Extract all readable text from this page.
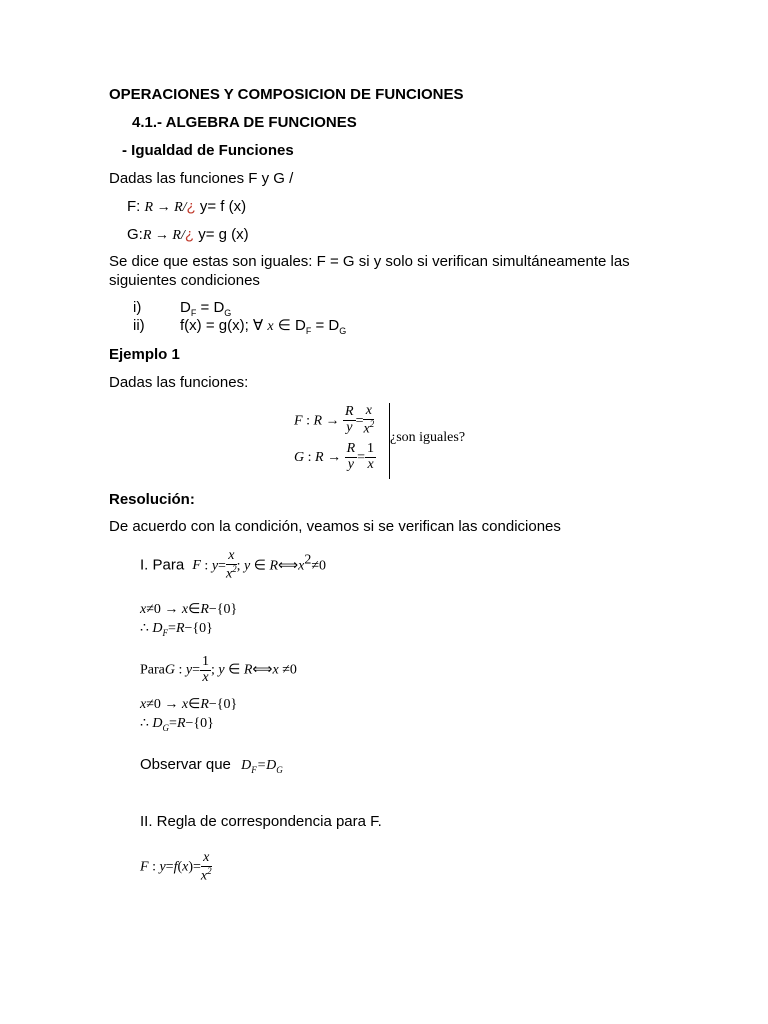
OPERACIONES Y COMPOSICION DE FUNCIONES
4.1.- ALGEBRA DE FUNCIONES
- Igualdad de Funciones
Dadas las funciones F y G /
F: R → R/¿ y= f (x)
G:R → R/¿ y= g (x)
Se dice que estas son iguales: F = G si y solo si verifican simultáneamente las
siguientes condiciones
i)	$D_F = D_G$
ii) f(x) = g(x); ∀ x ∈ $D_F = D_G$
Ejemplo 1
Dadas las funciones:
F : $R \to \frac{R}{y} = \frac{x}{x^2}$
G : $R \to \frac{R}{y} = \frac{1}{x}$
¿son iguales?
Resolución:
De acuerdo con la condición, veamos si se verifican las condiciones
I. Para F : $y= \frac{x}{x^2}$ ; y ∈ $R⟺x^2\ne 0$
x≠0 → x∈R−{0}
∴ $D_F=R-\{0\}$
ParaG : $y= \frac{1}{x}$ ; y ∈ R⟺x ≠0
x≠0 → x∈R−{0}
∴ $D_G=R-\{0\}$
Observar que $D_F=D_G$
II. Regla de correspondencia para F.
F : $y=f(x)= \frac{x}{x^2}$
